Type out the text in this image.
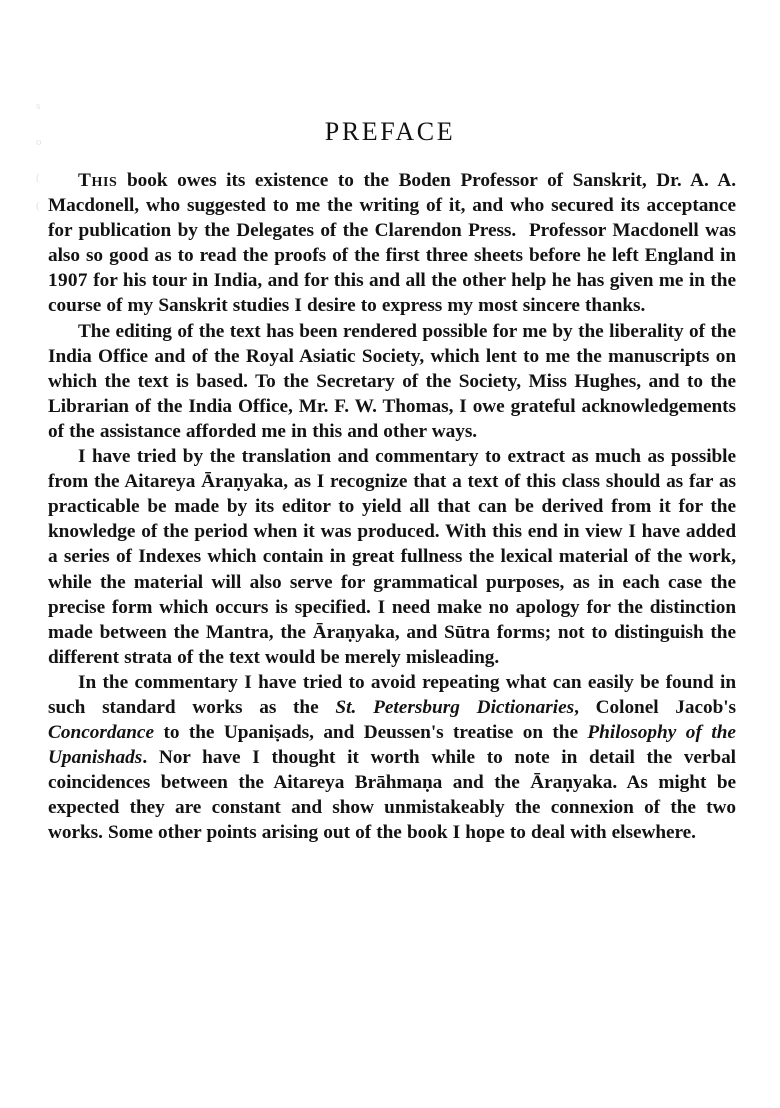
s
o
(
(
PREFACE

This book owes its existence to the Boden Professor of Sanskrit, Dr. A. A. Macdonell, who suggested to me the writing of it, and who secured its acceptance for publication by the Delegates of the Clarendon Press.  Professor Macdonell was also so good as to read the proofs of the first three sheets before he left England in 1907 for his tour in India, and for this and all the other help he has given me in the course of my Sanskrit studies I desire to express my most sincere thanks.

The editing of the text has been rendered possible for me by the liberality of the India Office and of the Royal Asiatic Society, which lent to me the manuscripts on which the text is based. To the Secretary of the Society, Miss Hughes, and to the Librarian of the India Office, Mr. F. W. Thomas, I owe grateful acknowledgements of the assistance afforded me in this and other ways.

I have tried by the translation and commentary to extract as much as possible from the Aitareya Āraṇyaka, as I recognize that a text of this class should as far as practicable be made by its editor to yield all that can be derived from it for the knowledge of the period when it was produced. With this end in view I have added a series of Indexes which contain in great fullness the lexical material of the work, while the material will also serve for grammatical purposes, as in each case the precise form which occurs is specified. I need make no apology for the distinction made between the Mantra, the Āraṇyaka, and Sūtra forms; not to distinguish the different strata of the text would be merely misleading.

In the commentary I have tried to avoid repeating what can easily be found in such standard works as the St. Petersburg Dictionaries, Colonel Jacob's Concordance to the Upaniṣads, and Deussen's treatise on the Philosophy of the Upanishads. Nor have I thought it worth while to note in detail the verbal coincidences between the Aitareya Brāhmaṇa and the Āraṇyaka. As might be expected they are constant and show unmistakeably the connexion of the two works. Some other points arising out of the book I hope to deal with elsewhere.
